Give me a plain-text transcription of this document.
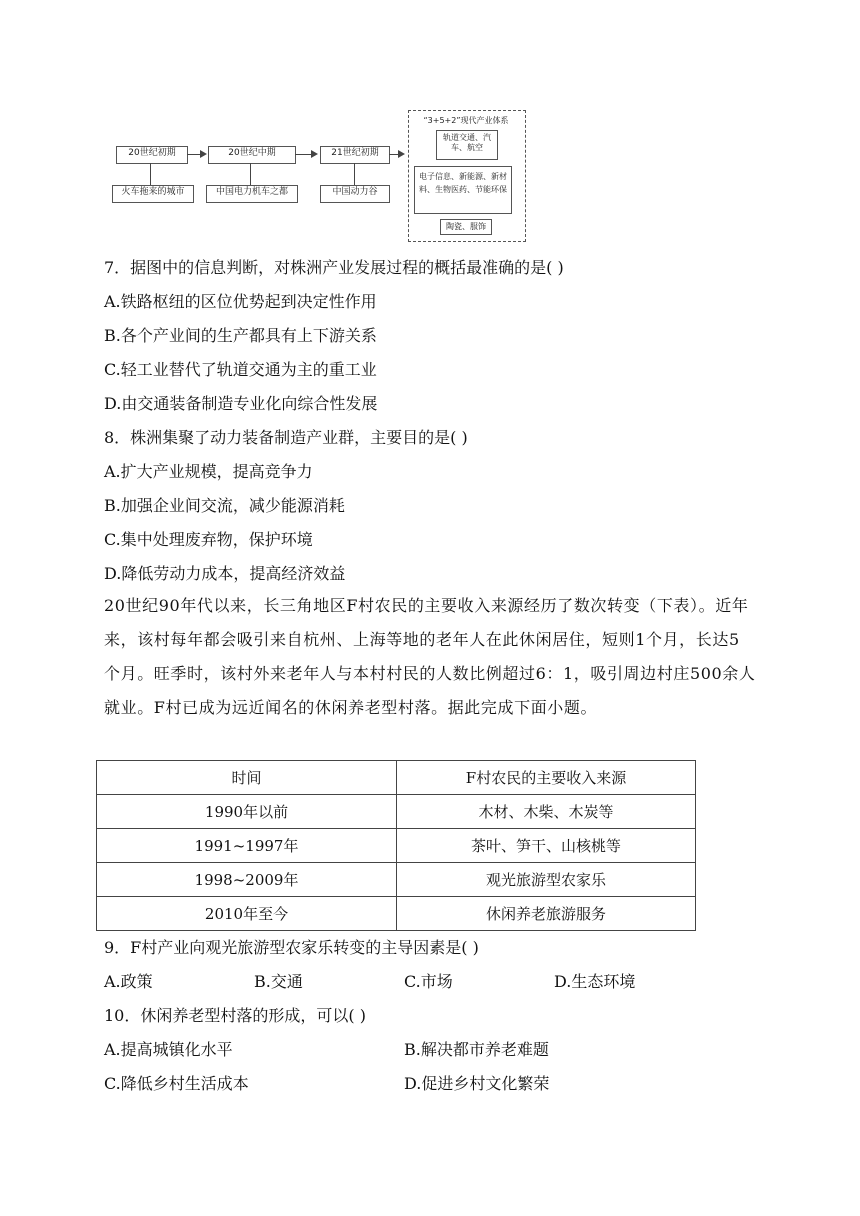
20世纪初期	20世纪中期	21世纪初期
火车拖来的城市	中国电力机车之都	中国动力谷
“3+5+2”现代产业体系
轨道交通、汽车、航空
电子信息、新能源、新材料、生物医药、节能环保
陶瓷、服饰
7．据图中的信息判断，对株洲产业发展过程的概括最准确的是( )
A.铁路枢纽的区位优势起到决定性作用
B.各个产业间的生产都具有上下游关系
C.轻工业替代了轨道交通为主的重工业
D.由交通装备制造专业化向综合性发展
8．株洲集聚了动力装备制造产业群，主要目的是( )
A.扩大产业规模，提高竞争力
B.加强企业间交流，减少能源消耗
C.集中处理废弃物，保护环境
D.降低劳动力成本，提高经济效益
20世纪90年代以来，长三角地区F村农民的主要收入来源经历了数次转变（下表）。近年来，该村每年都会吸引来自杭州、上海等地的老年人在此休闲居住，短则1个月，长达5个月。旺季时，该村外来老年人与本村村民的人数比例超过6：1，吸引周边村庄500余人就业。F村已成为远近闻名的休闲养老型村落。据此完成下面小题。
时间	F村农民的主要收入来源
1990年以前	木材、木柴、木炭等
1991~1997年	茶叶、笋干、山核桃等
1998~2009年	观光旅游型农家乐
2010年至今	休闲养老旅游服务
9．F村产业向观光旅游型农家乐转变的主导因素是( )
A.政策	B.交通	C.市场	D.生态环境
10．休闲养老型村落的形成，可以( )
A.提高城镇化水平	B.解决都市养老难题
C.降低乡村生活成本	D.促进乡村文化繁荣
